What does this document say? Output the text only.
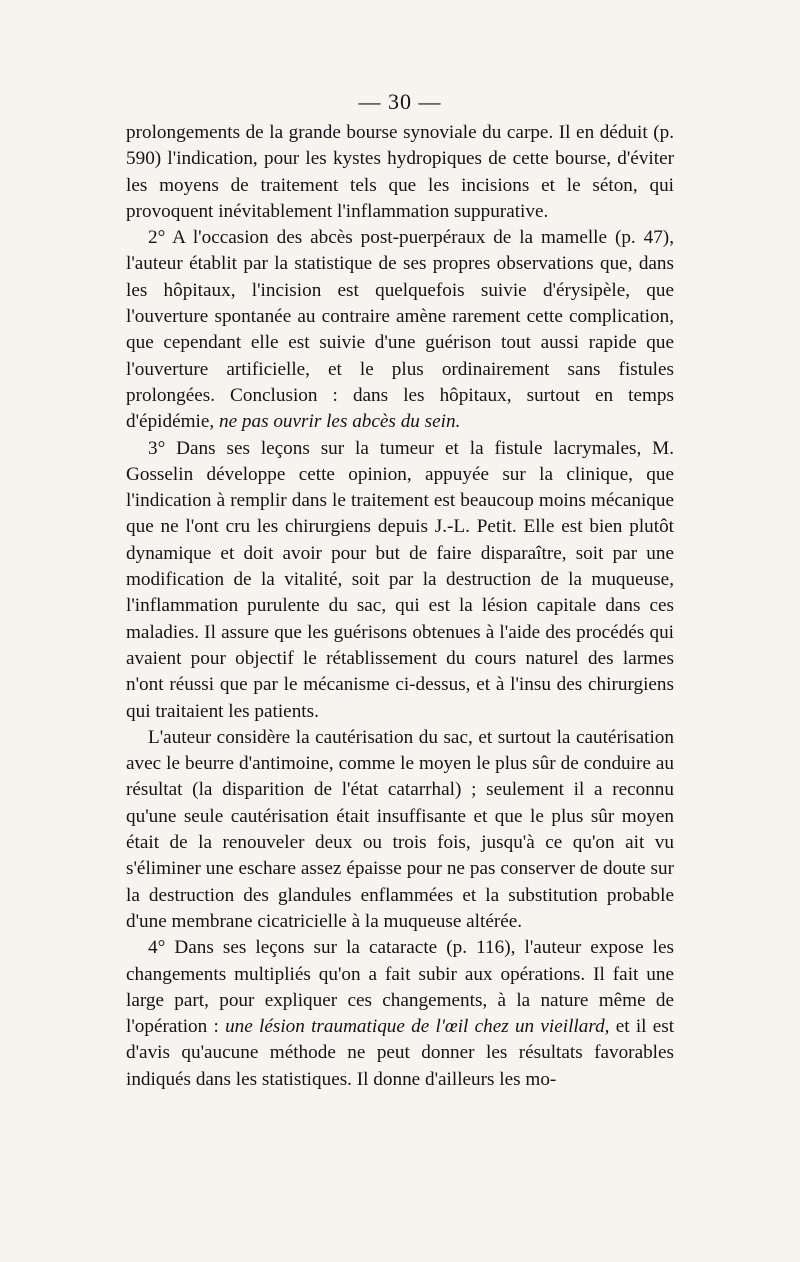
— 30 —

prolongements de la grande bourse synoviale du carpe. Il en déduit (p. 590) l'indication, pour les kystes hydropiques de cette bourse, d'éviter les moyens de traitement tels que les incisions et le séton, qui provoquent inévitablement l'inflammation suppurative.

2° A l'occasion des abcès post-puerpéraux de la mamelle (p. 47), l'auteur établit par la statistique de ses propres observations que, dans les hôpitaux, l'incision est quelquefois suivie d'érysipèle, que l'ouverture spontanée au contraire amène rarement cette complication, que cependant elle est suivie d'une guérison tout aussi rapide que l'ouverture artificielle, et le plus ordinairement sans fistules prolongées. Conclusion : dans les hôpitaux, surtout en temps d'épidémie, ne pas ouvrir les abcès du sein.

3° Dans ses leçons sur la tumeur et la fistule lacrymales, M. Gosselin développe cette opinion, appuyée sur la clinique, que l'indication à remplir dans le traitement est beaucoup moins mécanique que ne l'ont cru les chirurgiens depuis J.-L. Petit. Elle est bien plutôt dynamique et doit avoir pour but de faire disparaître, soit par une modification de la vitalité, soit par la destruction de la muqueuse, l'inflammation purulente du sac, qui est la lésion capitale dans ces maladies. Il assure que les guérisons obtenues à l'aide des procédés qui avaient pour objectif le rétablissement du cours naturel des larmes n'ont réussi que par le mécanisme ci-dessus, et à l'insu des chirurgiens qui traitaient les patients.

L'auteur considère la cautérisation du sac, et surtout la cautérisation avec le beurre d'antimoine, comme le moyen le plus sûr de conduire au résultat (la disparition de l'état catarrhal) ; seulement il a reconnu qu'une seule cautérisation était insuffisante et que le plus sûr moyen était de la renouveler deux ou trois fois, jusqu'à ce qu'on ait vu s'éliminer une eschare assez épaisse pour ne pas conserver de doute sur la destruction des glandules enflammées et la substitution probable d'une membrane cicatricielle à la muqueuse altérée.

4° Dans ses leçons sur la cataracte (p. 116), l'auteur expose les changements multipliés qu'on a fait subir aux opérations. Il fait une large part, pour expliquer ces changements, à la nature même de l'opération : une lésion traumatique de l'œil chez un vieillard, et il est d'avis qu'aucune méthode ne peut donner les résultats favorables indiqués dans les statistiques. Il donne d'ailleurs les mo-
